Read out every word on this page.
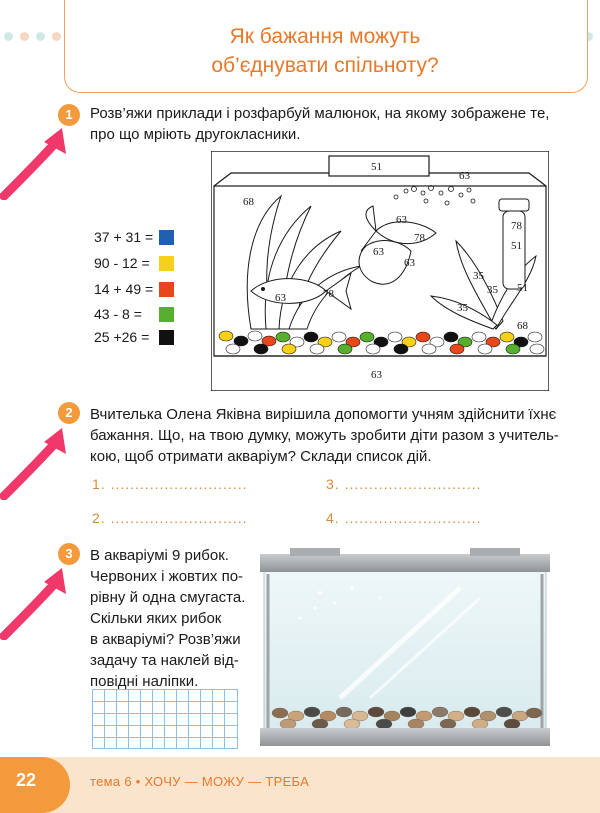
Як бажання можуть
об’єднувати спільноту?
1	Розв’яжи приклади і розфарбуй малюнок, на якому зображене те,
про що мріють другокласники.
37 + 31 =
90 - 12 =
14 + 49 =
43 - 8 =
25 +26 =
51
63
68
63
78
63
63
63	78
35
35
35
51
78
51
68
63
2	Вчителька Олена Яківна вирішила допомогти учням здійснити їхнє
бажання. Що, на твою думку, можуть зробити діти разом з учитель-
кою, щоб отримати акваріум? Склади список дій.
1. ............................	3. ............................
2. ............................	4. ............................
3	В акваріумі 9 рибок.
Червоних і жовтих по-
рівну й одна смугаста.
Скільки яких рибок
в акваріумі? Розв’яжи
задачу та наклей від-
повідні наліпки.
22	тема 6 • ХОЧУ — МОЖУ — ТРЕБА
